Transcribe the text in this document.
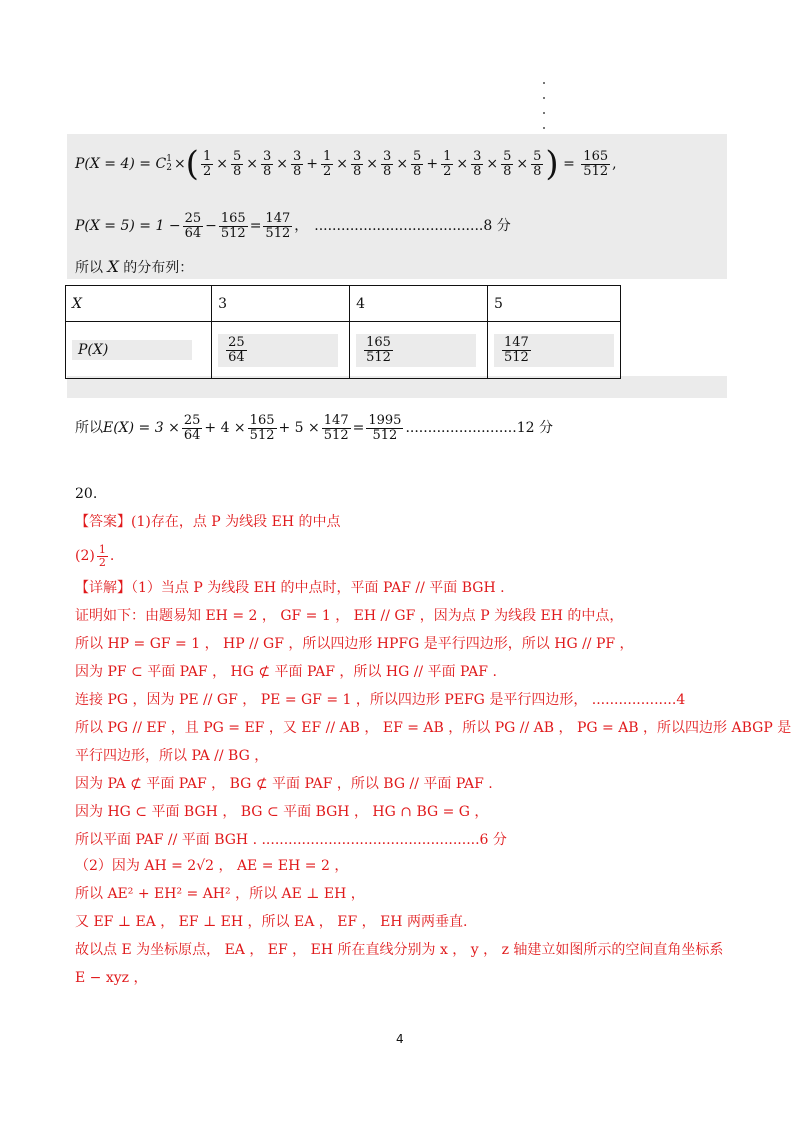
P(X = 4) = C 1
2 × ( $\frac{1}{2} \times \frac{5}{8} \times \frac{3}{8} \times \frac{3}{8} + \frac{1}{2} \times \frac{3}{8} \times \frac{3}{8} \times \frac{5}{8} + \frac{1}{2} \times \frac{3}{8} \times \frac{5}{8} \times \frac{5}{8}$ ) = $\frac{165}{512}$ ,
$P(X = 5) = 1 - \frac{25}{64} - \frac{165}{512} = \frac{147}{512}$ ， ...................................... 8 分
所以 X 的分布列：
X	3	4	5
P(X)	$\frac{25}{64}$	$\frac{165}{512}$	$\frac{147}{512}$
所以 $E(X) = 3 \times \frac{25}{64} + 4 \times \frac{165}{512} + 5 \times \frac{147}{512} = \frac{1995}{512}$ ......................... 12 分
20.
【答案】(1)存在，点 P 为线段 EH 的中点
$(2) \frac{1}{2}$ .
【详解】（1）当点 P 为线段 EH 的中点时，平面 PAF // 平面 BGH .
证明如下：由题易知 EH = 2 ， GF = 1 ， EH // GF ，因为点 P 为线段 EH 的中点，
所以 HP = GF = 1 ， HP // GF ，所以四边形 HPFG 是平行四边形，所以 HG // PF ，
因为 PF ⊂ 平面 PAF ， HG ⊄ 平面 PAF ，所以 HG // 平面 PAF .
连接 PG ，因为 PE // GF ， PE = GF = 1 ，所以四边形 PEFG 是平行四边形， ...................4
所以 PG // EF ，且 PG = EF ，又 EF // AB ， EF = AB ，所以 PG // AB ， PG = AB ，所以四边形 ABGP 是
平行四边形，所以 PA // BG ，
因为 PA ⊄ 平面 PAF ， BG ⊄ 平面 PAF ，所以 BG // 平面 PAF .
因为 HG ⊂ 平面 BGH ， BG ⊂ 平面 BGH ， HG ∩ BG = G ，
所以平面 PAF // 平面 BGH . .................................................6 分
（2）因为 AH = 2√2 ， AE = EH = 2 ，
所以 AE² + EH² = AH² ，所以 AE ⊥ EH ，
又 EF ⊥ EA ， EF ⊥ EH ，所以 EA ， EF ， EH 两两垂直.
故以点 E 为坐标原点， EA ， EF ， EH 所在直线分别为 x ， y ， z 轴建立如图所示的空间直角坐标系
E − xyz ，
4
